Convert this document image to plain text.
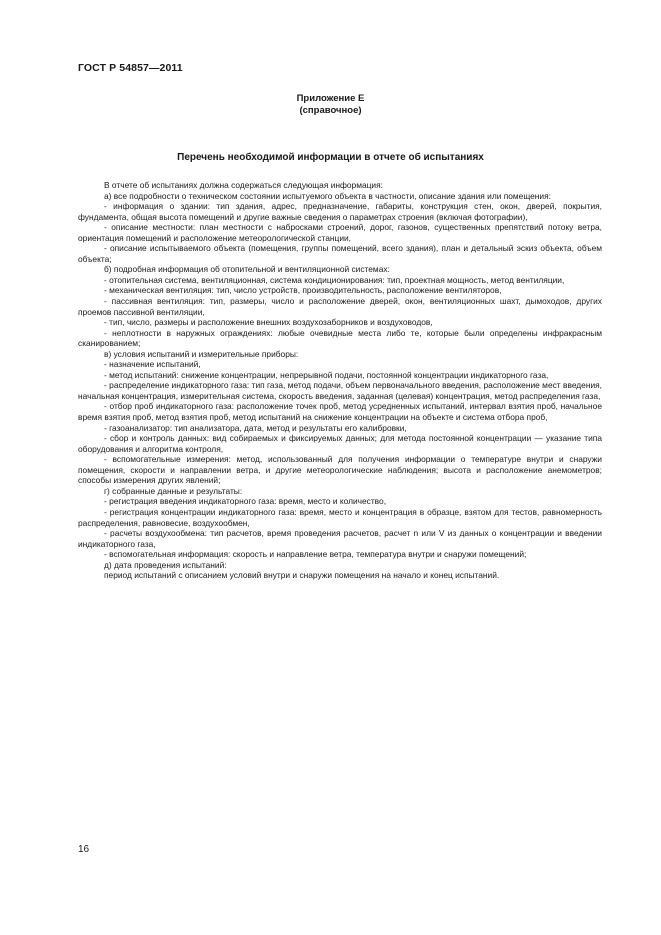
ГОСТ Р 54857—2011
Приложение Е
(справочное)
Перечень необходимой информации в отчете об испытаниях

В отчете об испытаниях должна содержаться следующая информация:

а) все подробности о техническом состоянии испытуемого объекта в частности, описание здания или помещения:

- информация о здании: тип здания, адрес, предназначение, габариты, конструкция стен, окон, дверей, покрытия, фундамента, общая высота помещений и другие важные сведения о параметрах строения (включая фотографии),

- описание местности: план местности с набросками строений, дорог, газонов, существенных препятствий потоку ветра, ориентация помещений и расположение метеорологической станции,

- описание испытываемого объекта (помещения, группы помещений, всего здания), план и детальный эскиз объекта, объем объекта;

б) подробная информация об отопительной и вентиляционной системах:

- отопительная система, вентиляционная, система кондиционирования: тип, проектная мощность, метод вентиляции,

- механическая вентиляция: тип, число устройств, производительность, расположение вентиляторов,

- пассивная вентиляция: тип, размеры, число и расположение дверей, окон, вентиляционных шахт, дымоходов, других проемов пассивной вентиляции,

- тип, число, размеры и расположение внешних воздухозаборников и воздуховодов,

- неплотности в наружных ограждениях: любые очевидные места либо те, которые были определены инфракрасным сканированием;

в) условия испытаний и измерительные приборы:

- назначение испытаний,

- метод испытаний: снижение концентрации, непрерывной подачи, постоянной концентрации индикаторного газа,

- распределение индикаторного газа: тип газа, метод подачи, объем первоначального введения, расположение мест введения, начальная концентрация, измерительная система, скорость введения, заданная (целевая) концентрация, метод распределения газа,

- отбор проб индикаторного газа: расположение точек проб, метод усредненных испытаний, интервал взятия проб, начальное время взятия проб, метод взятия проб, метод испытаний на снижение концентрации на объекте и система отбора проб,

- газоанализатор: тип анализатора, дата, метод и результаты его калибровки,

- сбор и контроль данных: вид собираемых и фиксируемых данных; для метода постоянной концентрации — указание типа оборудования и алгоритма контроля,

- вспомогательные измерения: метод, использованный для получения информации о температуре внутри и снаружи помещения, скорости и направлении ветра, и другие метеорологические наблюдения; высота и расположение анемометров; способы измерения других явлений;

г) собранные данные и результаты:

- регистрация введения индикаторного газа: время, место и количество,

- регистрация концентрации индикаторного газа: время, место и концентрация в образце, взятом для тестов, равномерность распределения, равновесие, воздухообмен,

- расчеты воздухообмена: тип расчетов, время проведения расчетов, расчет n или V из данных о концентрации и введении индикаторного газа,

- вспомогательная информация: скорость и направление ветра, температура внутри и снаружи помещений;

д) дата проведения испытаний:

период испытаний с описанием условий внутри и снаружи помещения на начало и конец испытаний.

16
